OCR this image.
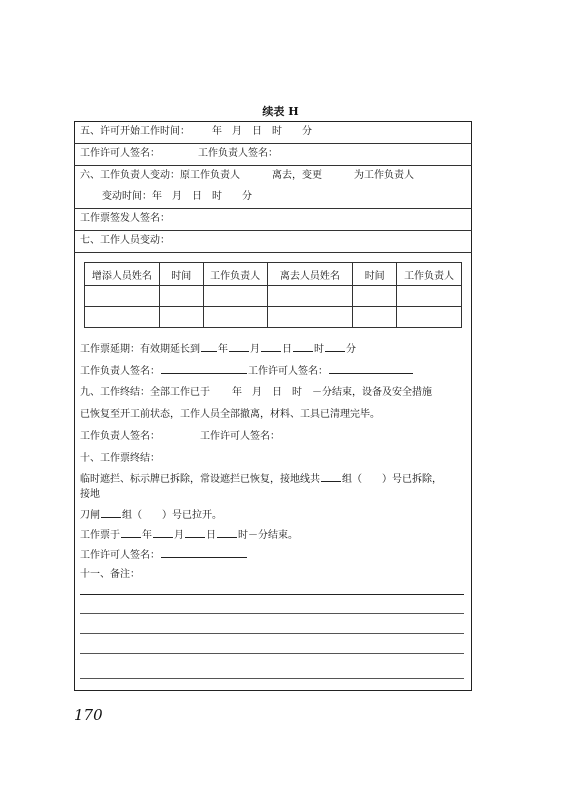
续表 H
五、许可开始工作时间： 年　月　日　时　　分
工作许可人签名：	工作负责人签名：
六、工作负责人变动：原工作负责人	离去，变更	为工作负责人
变动时间：年　月　日　时　　分
工作票签发人签名：
七、工作人员变动：
增添人员姓名	时间	工作负责人	离去人员姓名	时间	工作负责人

工作票延期：有效期延长到 年 月 日 时 分
工作负责人签名：	工作许可人签名：
九、工作终结：全部工作已于 年　月　日　时 －分结束，设备及安全措施
已恢复至开工前状态，工作人员全部撤离，材料、工具已清理完毕。
工作负责人签名：	工作许可人签名：
十、工作票终结：
临时遮拦、标示牌已拆除，常设遮拦已恢复，接地线共 组（　　）号已拆除，
接地
刀闸 组（　　）号已拉开。
工作票于 年 月 日 时－分结束。
工作许可人签名：
十一、备注：
170
